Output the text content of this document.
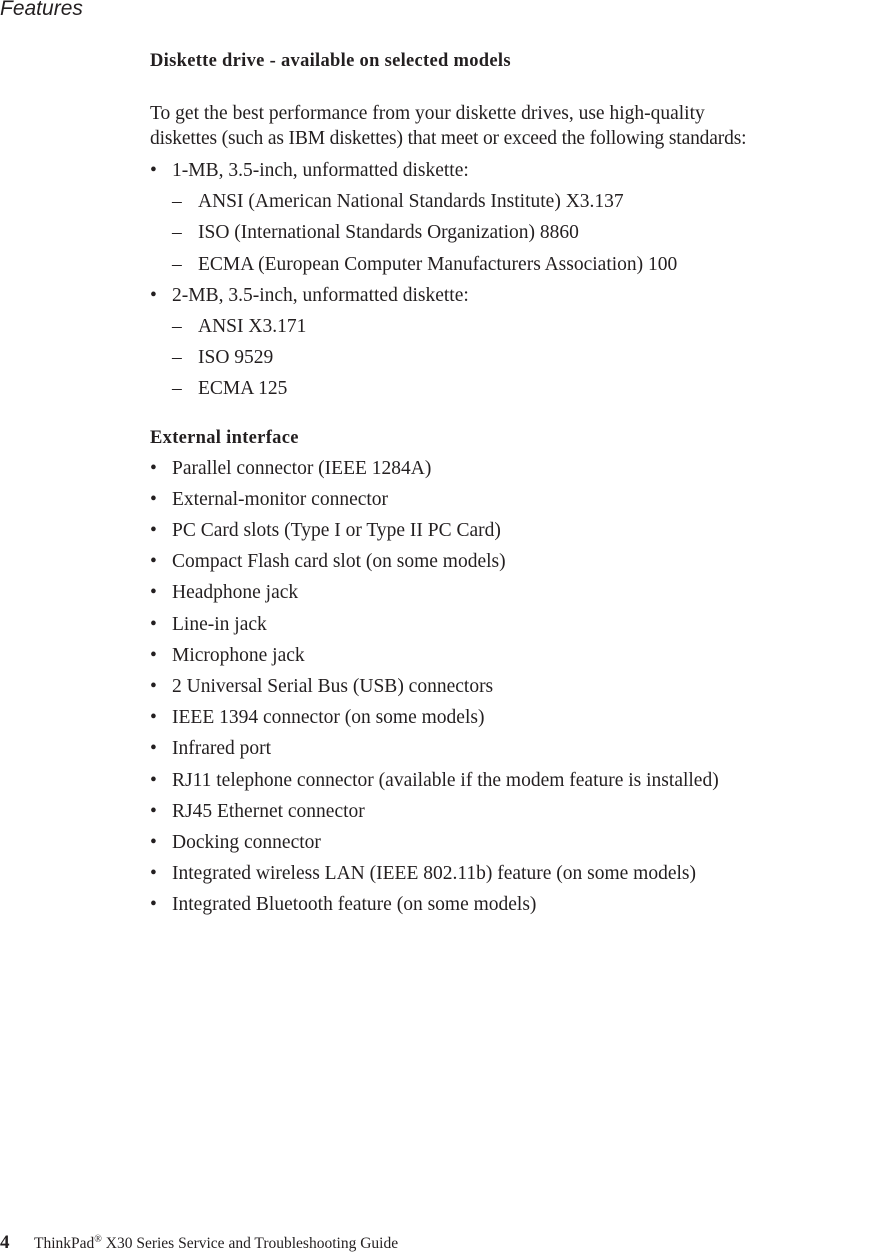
Features
Diskette drive - available on selected models

To get the best performance from your diskette drives, use high-quality

diskettes (such as IBM diskettes) that meet or exceed the following standards:

• 1-MB, 3.5-inch, unformatted diskette:
– ANSI (American National Standards Institute) X3.137
– ISO (International Standards Organization) 8860
– ECMA (European Computer Manufacturers Association) 100
• 2-MB, 3.5-inch, unformatted diskette:
– ANSI X3.171
– ISO 9529
– ECMA 125
External interface
• Parallel connector (IEEE 1284A)
• External-monitor connector
• PC Card slots (Type I or Type II PC Card)
• Compact Flash card slot (on some models)
• Headphone jack
• Line-in jack
• Microphone jack
• 2 Universal Serial Bus (USB) connectors
• IEEE 1394 connector (on some models)
• Infrared port
• RJ11 telephone connector (available if the modem feature is installed)
• RJ45 Ethernet connector
• Docking connector
• Integrated wireless LAN (IEEE 802.11b) feature (on some models)
• Integrated Bluetooth feature (on some models)
4 ThinkPad® X30 Series Service and Troubleshooting Guide
